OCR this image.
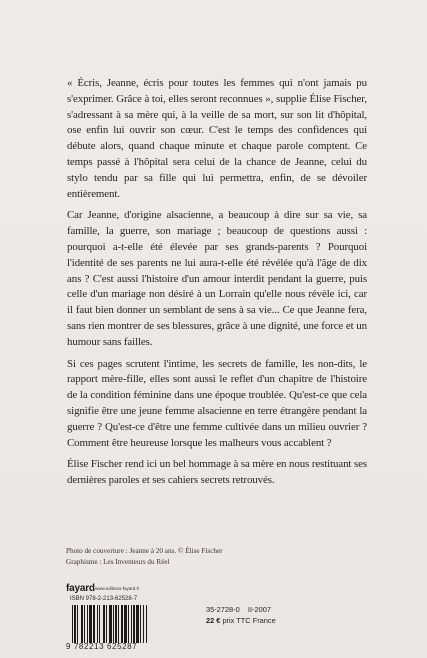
« Écris, Jeanne, écris pour toutes les femmes qui n'ont jamais pu s'exprimer. Grâce à toi, elles seront reconnues », supplie Élise Fischer, s'adressant à sa mère qui, à la veille de sa mort, sur son lit d'hôpital, ose enfin lui ouvrir son cœur. C'est le temps des confidences qui débute alors, quand chaque minute et chaque parole comptent. Ce temps passé à l'hôpital sera celui de la chance de Jeanne, celui du stylo tendu par sa fille qui lui permettra, enfin, de se dévoiler entièrement.

Car Jeanne, d'origine alsacienne, a beaucoup à dire sur sa vie, sa famille, la guerre, son mariage ; beaucoup de questions aussi : pourquoi a-t-elle été élevée par ses grands-parents ? Pourquoi l'identité de ses parents ne lui aura-t-elle été révélée qu'à l'âge de dix ans ? C'est aussi l'histoire d'un amour interdit pendant la guerre, puis celle d'un mariage non désiré à un Lorrain qu'elle nous révèle ici, car il faut bien donner un semblant de sens à sa vie... Ce que Jeanne fera, sans rien montrer de ses blessures, grâce à une dignité, une force et un humour sans failles.

Si ces pages scrutent l'intime, les secrets de famille, les non-dits, le rapport mère-fille, elles sont aussi le reflet d'un chapitre de l'histoire de la condition féminine dans une époque troublée. Qu'est-ce que cela signifie être une jeune femme alsacienne en terre étrangère pendant la guerre ? Qu'est-ce d'être une femme cultivée dans un milieu ouvrier ? Comment être heureuse lorsque les malheurs vous accablent ?

Élise Fischer rend ici un bel hommage à sa mère en nous restituant ses dernières paroles et ses cahiers secrets retrouvés.

Photo de couverture : Jeanne à 20 ans. © Élise Fischer
Graphisme : Les Inventeurs du Réel
fayard www.editions-fayard.fr
ISBN 978-2-213-62528-7
9 782213 625287
35-2728-0 II-2007
22 € prix TTC France
